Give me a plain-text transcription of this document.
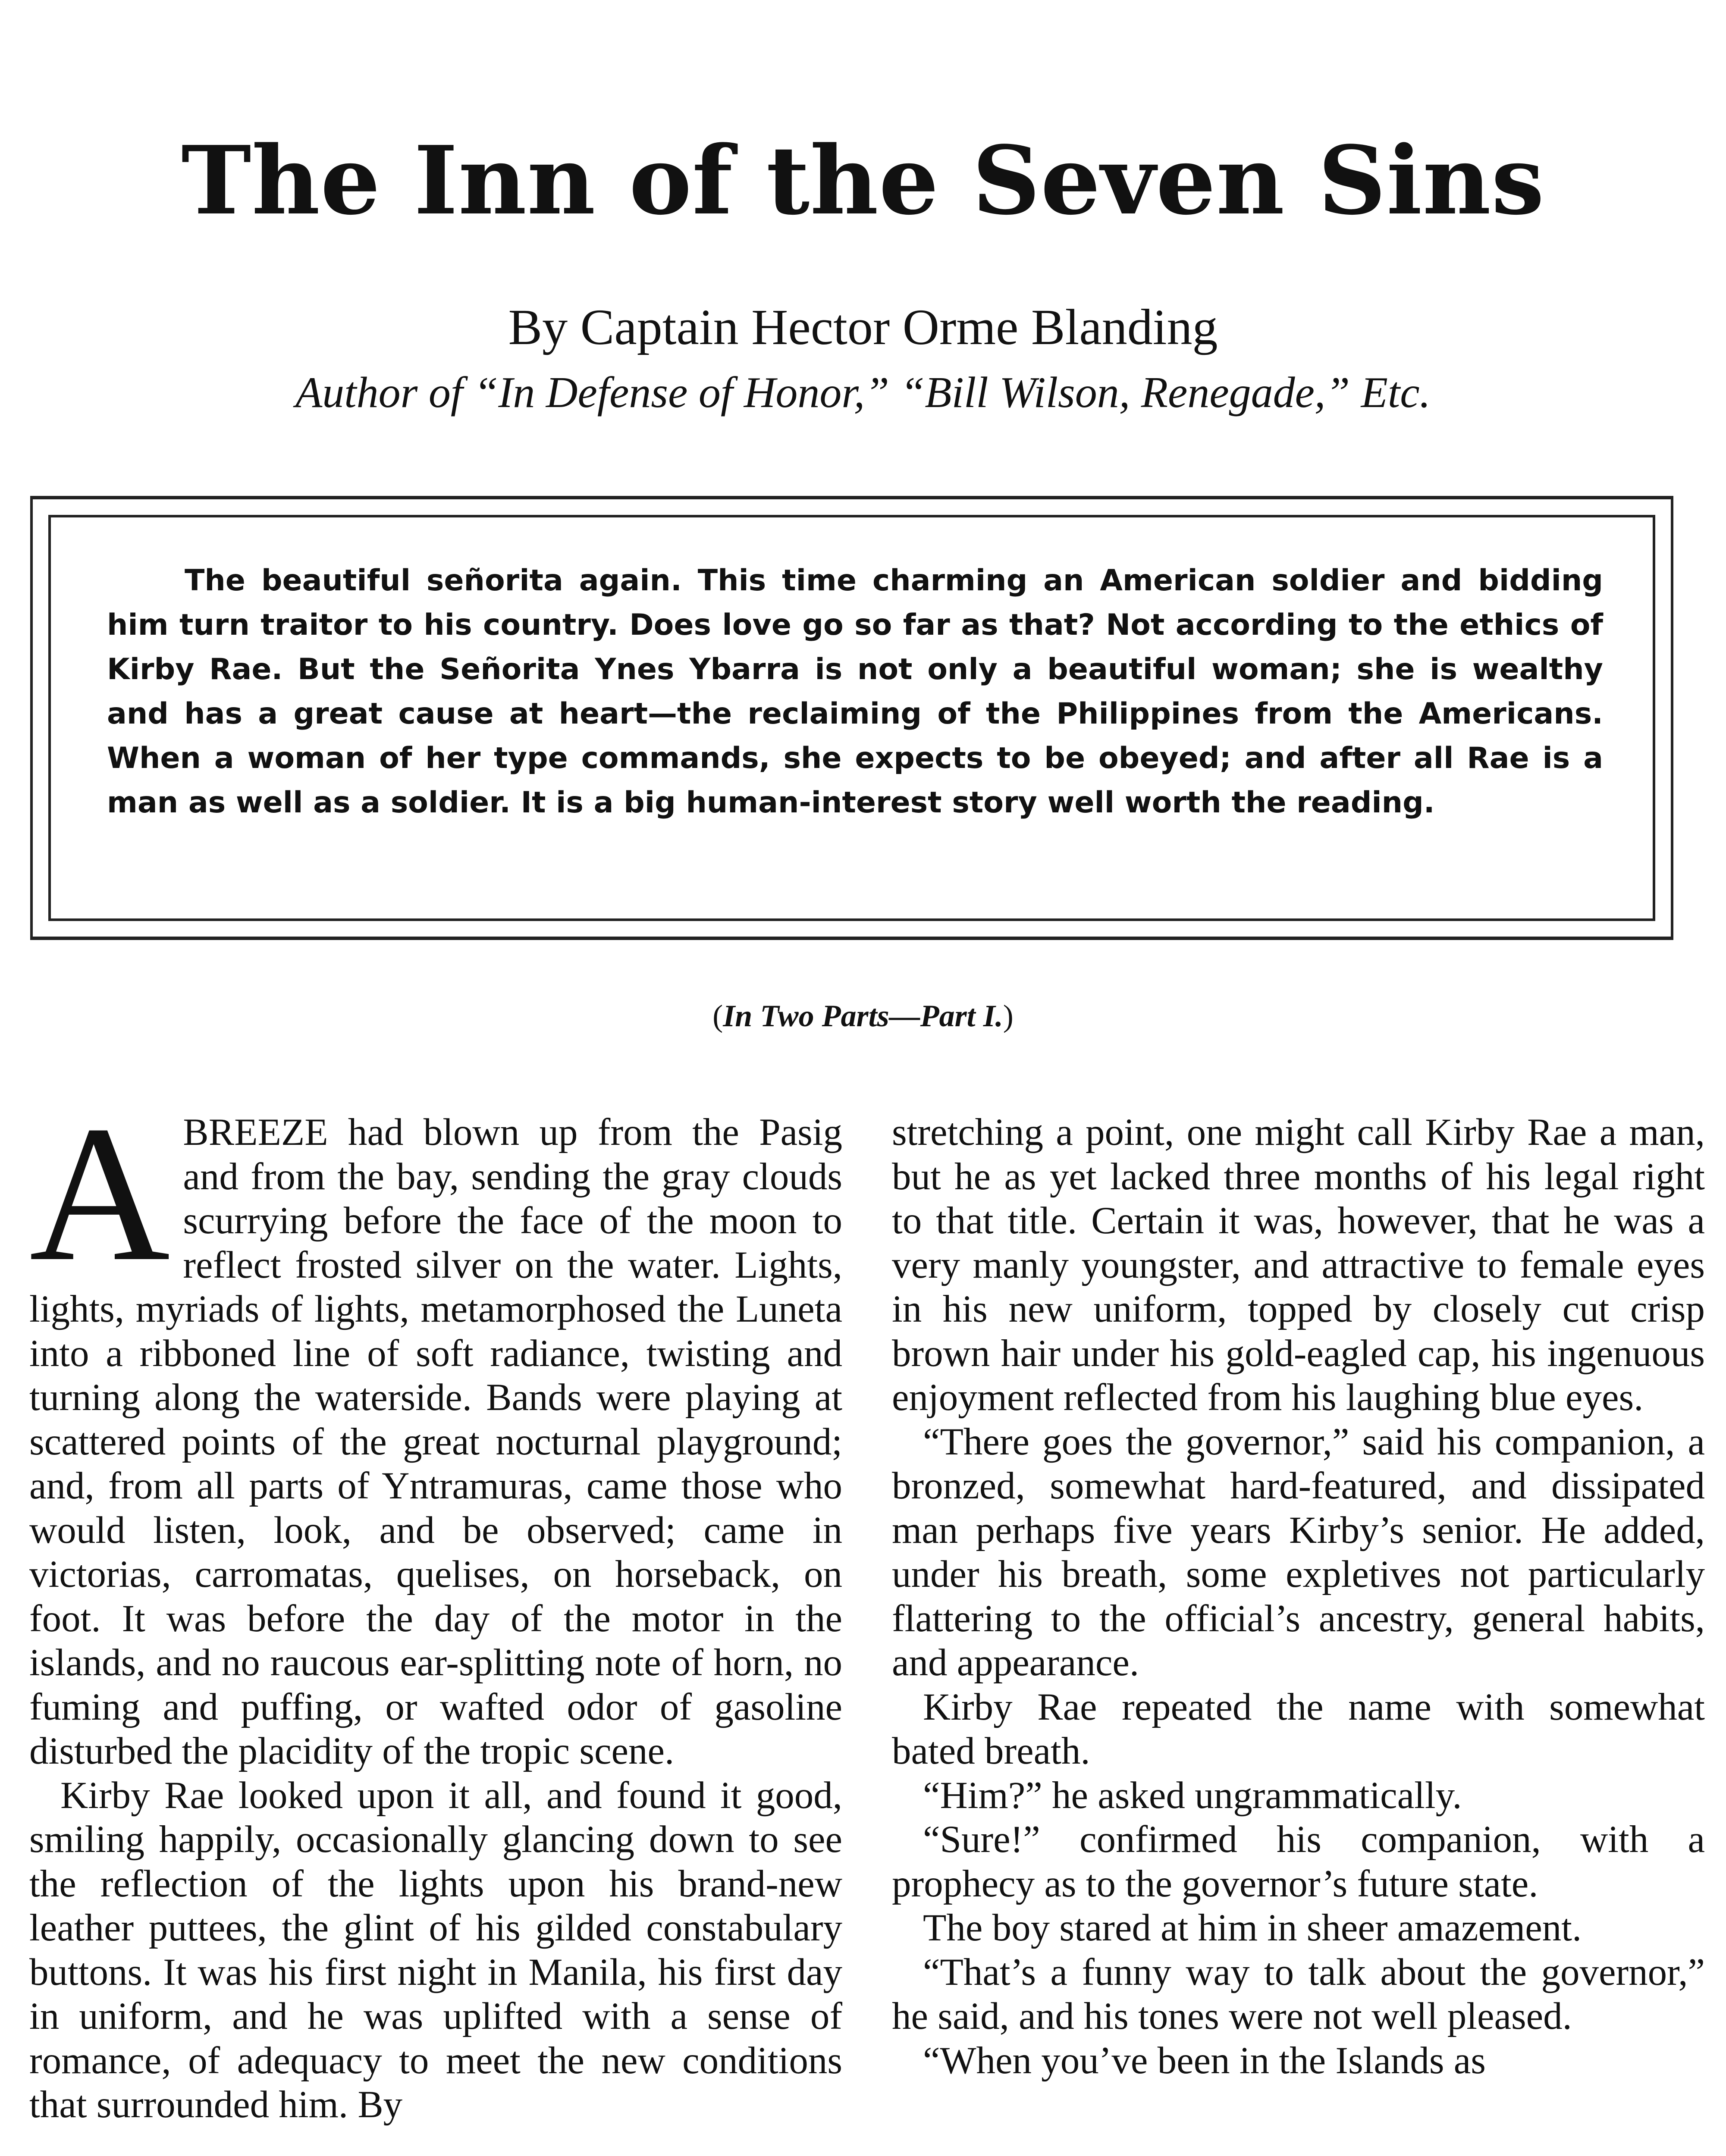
The Inn of the Seven Sins
By Captain Hector Orme Blanding
Author of “In Defense of Honor,” “Bill Wilson, Renegade,” Etc.

The beautiful señorita again. This time charming an American soldier and bidding him turn traitor to his country. Does love go so far as that? Not according to the ethics of Kirby Rae. But the Señorita Ynes Ybarra is not only a beautiful woman; she is wealthy and has a great cause at heart—the reclaiming of the Philippines from the Americans. When a woman of her type commands, she expects to be obeyed; and after all Rae is a man as well as a soldier. It is a big human-interest story well worth the reading.

(In Two Parts—Part I.)

ABREEZE had blown up from the Pasig and from the bay, sending the gray clouds scurrying before the face of the moon to reflect frosted silver on the water. Lights, lights, myriads of lights, metamorphosed the Luneta into a ribboned line of soft radiance, twisting and turning along the waterside. Bands were playing at scattered points of the great nocturnal playground; and, from all parts of Yntramuras, came those who would listen, look, and be observed; came in victorias, carromatas, quelises, on horseback, on foot. It was before the day of the motor in the islands, and no raucous ear-splitting note of horn, no fuming and puffing, or wafted odor of gasoline disturbed the placidity of the tropic scene.

Kirby Rae looked upon it all, and found it good, smiling happily, occasionally glancing down to see the reflection of the lights upon his brand-new leather puttees, the glint of his gilded constabulary buttons. It was his first night in Manila, his first day in uniform, and he was uplifted with a sense of romance, of adequacy to meet the new conditions that surrounded him. By

stretching a point, one might call Kirby Rae a man, but he as yet lacked three months of his legal right to that title. Certain it was, however, that he was a very manly youngster, and attractive to female eyes in his new uniform, topped by closely cut crisp brown hair under his gold-eagled cap, his ingenuous enjoyment reflected from his laughing blue eyes.

“There goes the governor,” said his companion, a bronzed, somewhat hard-featured, and dissipated man perhaps five years Kirby’s senior. He added, under his breath, some expletives not particularly flattering to the official’s ancestry, general habits, and appearance.

Kirby Rae repeated the name with somewhat bated breath.

“Him?” he asked ungrammatically.

“Sure!” confirmed his companion, with a prophecy as to the governor’s future state.

The boy stared at him in sheer amazement.

“That’s a funny way to talk about the governor,” he said, and his tones were not well pleased.

“When you’ve been in the Islands as
